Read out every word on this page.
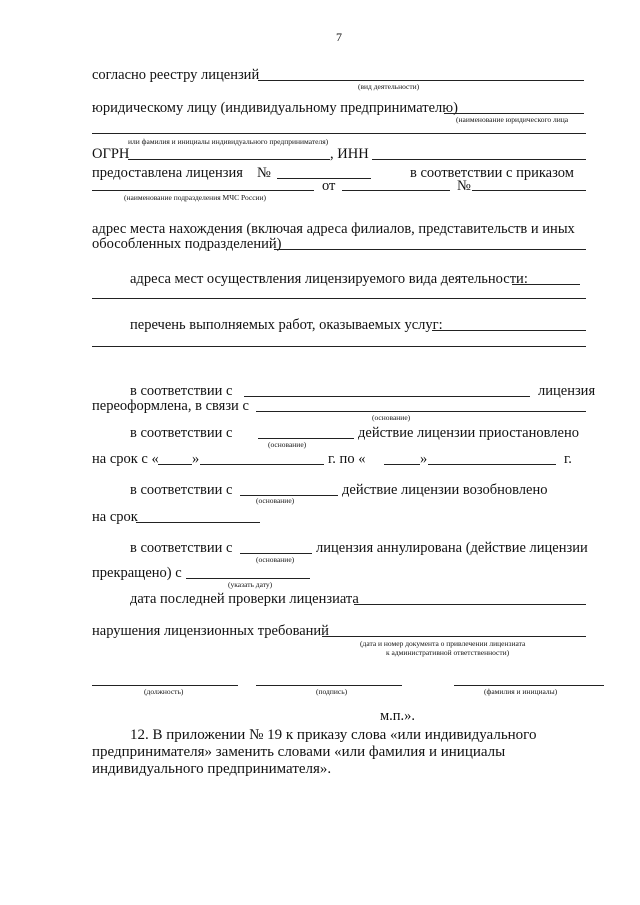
7
согласно реестру лицензий
(вид деятельности)
юридическому лицу (индивидуальному предпринимателю)
(наименование юридического лица
или фамилия и инициалы индивидуального предпринимателя)
ОГРН	, ИНН
предоставлена лицензия №	в соответствии с приказом
от	№
(наименование подразделения МЧС России)
адрес места нахождения (включая адреса филиалов, представительств и иных
обособленных подразделений)
адреса мест осуществления лицензируемого вида деятельности:
перечень выполняемых работ, оказываемых услуг:
в соответствии с	лицензия
переоформлена, в связи с
(основание)
в соответствии с	действие лицензии приостановлено
(основание)
на срок с « »	г. по «	»	г.
в соответствии с	действие лицензии возобновлено
(основание)
на срок
в соответствии с	лицензия аннулирована (действие лицензии
(основание)
прекращено) с
(указать дату)
дата последней проверки лицензиата
нарушения лицензионных требований
(дата и номер документа о привлечении лицензиата
к административной ответственности)
(должность)	(подпись)	(фамилия и инициалы)
м.п.».
12. В приложении № 19 к приказу слова «или индивидуального
предпринимателя» заменить словами «или фамилия и инициалы
индивидуального предпринимателя».
